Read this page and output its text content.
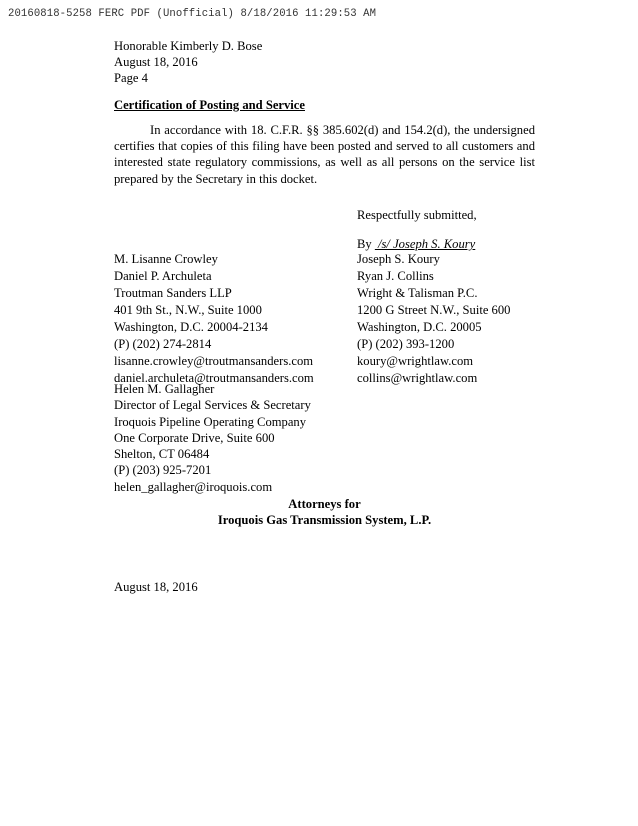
20160818-5258 FERC PDF (Unofficial) 8/18/2016 11:29:53 AM
Honorable Kimberly D. Bose
August 18, 2016
Page 4
Certification of Posting and Service
In accordance with 18. C.F.R. §§ 385.602(d) and 154.2(d), the undersigned certifies that copies of this filing have been posted and served to all customers and interested state regulatory commissions, as well as all persons on the service list prepared by the Secretary in this docket.
Respectfully submitted,
By /s/ Joseph S. Koury
M. Lisanne Crowley
Daniel P. Archuleta
Troutman Sanders LLP
401 9th St., N.W., Suite 1000
Washington, D.C. 20004-2134
(P) (202) 274-2814
lisanne.crowley@troutmansanders.com
daniel.archuleta@troutmansanders.com
Joseph S. Koury
Ryan J. Collins
Wright & Talisman P.C.
1200 G Street N.W., Suite 600
Washington, D.C. 20005
(P) (202) 393-1200
koury@wrightlaw.com
collins@wrightlaw.com
Helen M. Gallagher
Director of Legal Services & Secretary
Iroquois Pipeline Operating Company
One Corporate Drive, Suite 600
Shelton, CT 06484
(P) (203) 925-7201
helen_gallagher@iroquois.com
Attorneys for
Iroquois Gas Transmission System, L.P.
August 18, 2016
